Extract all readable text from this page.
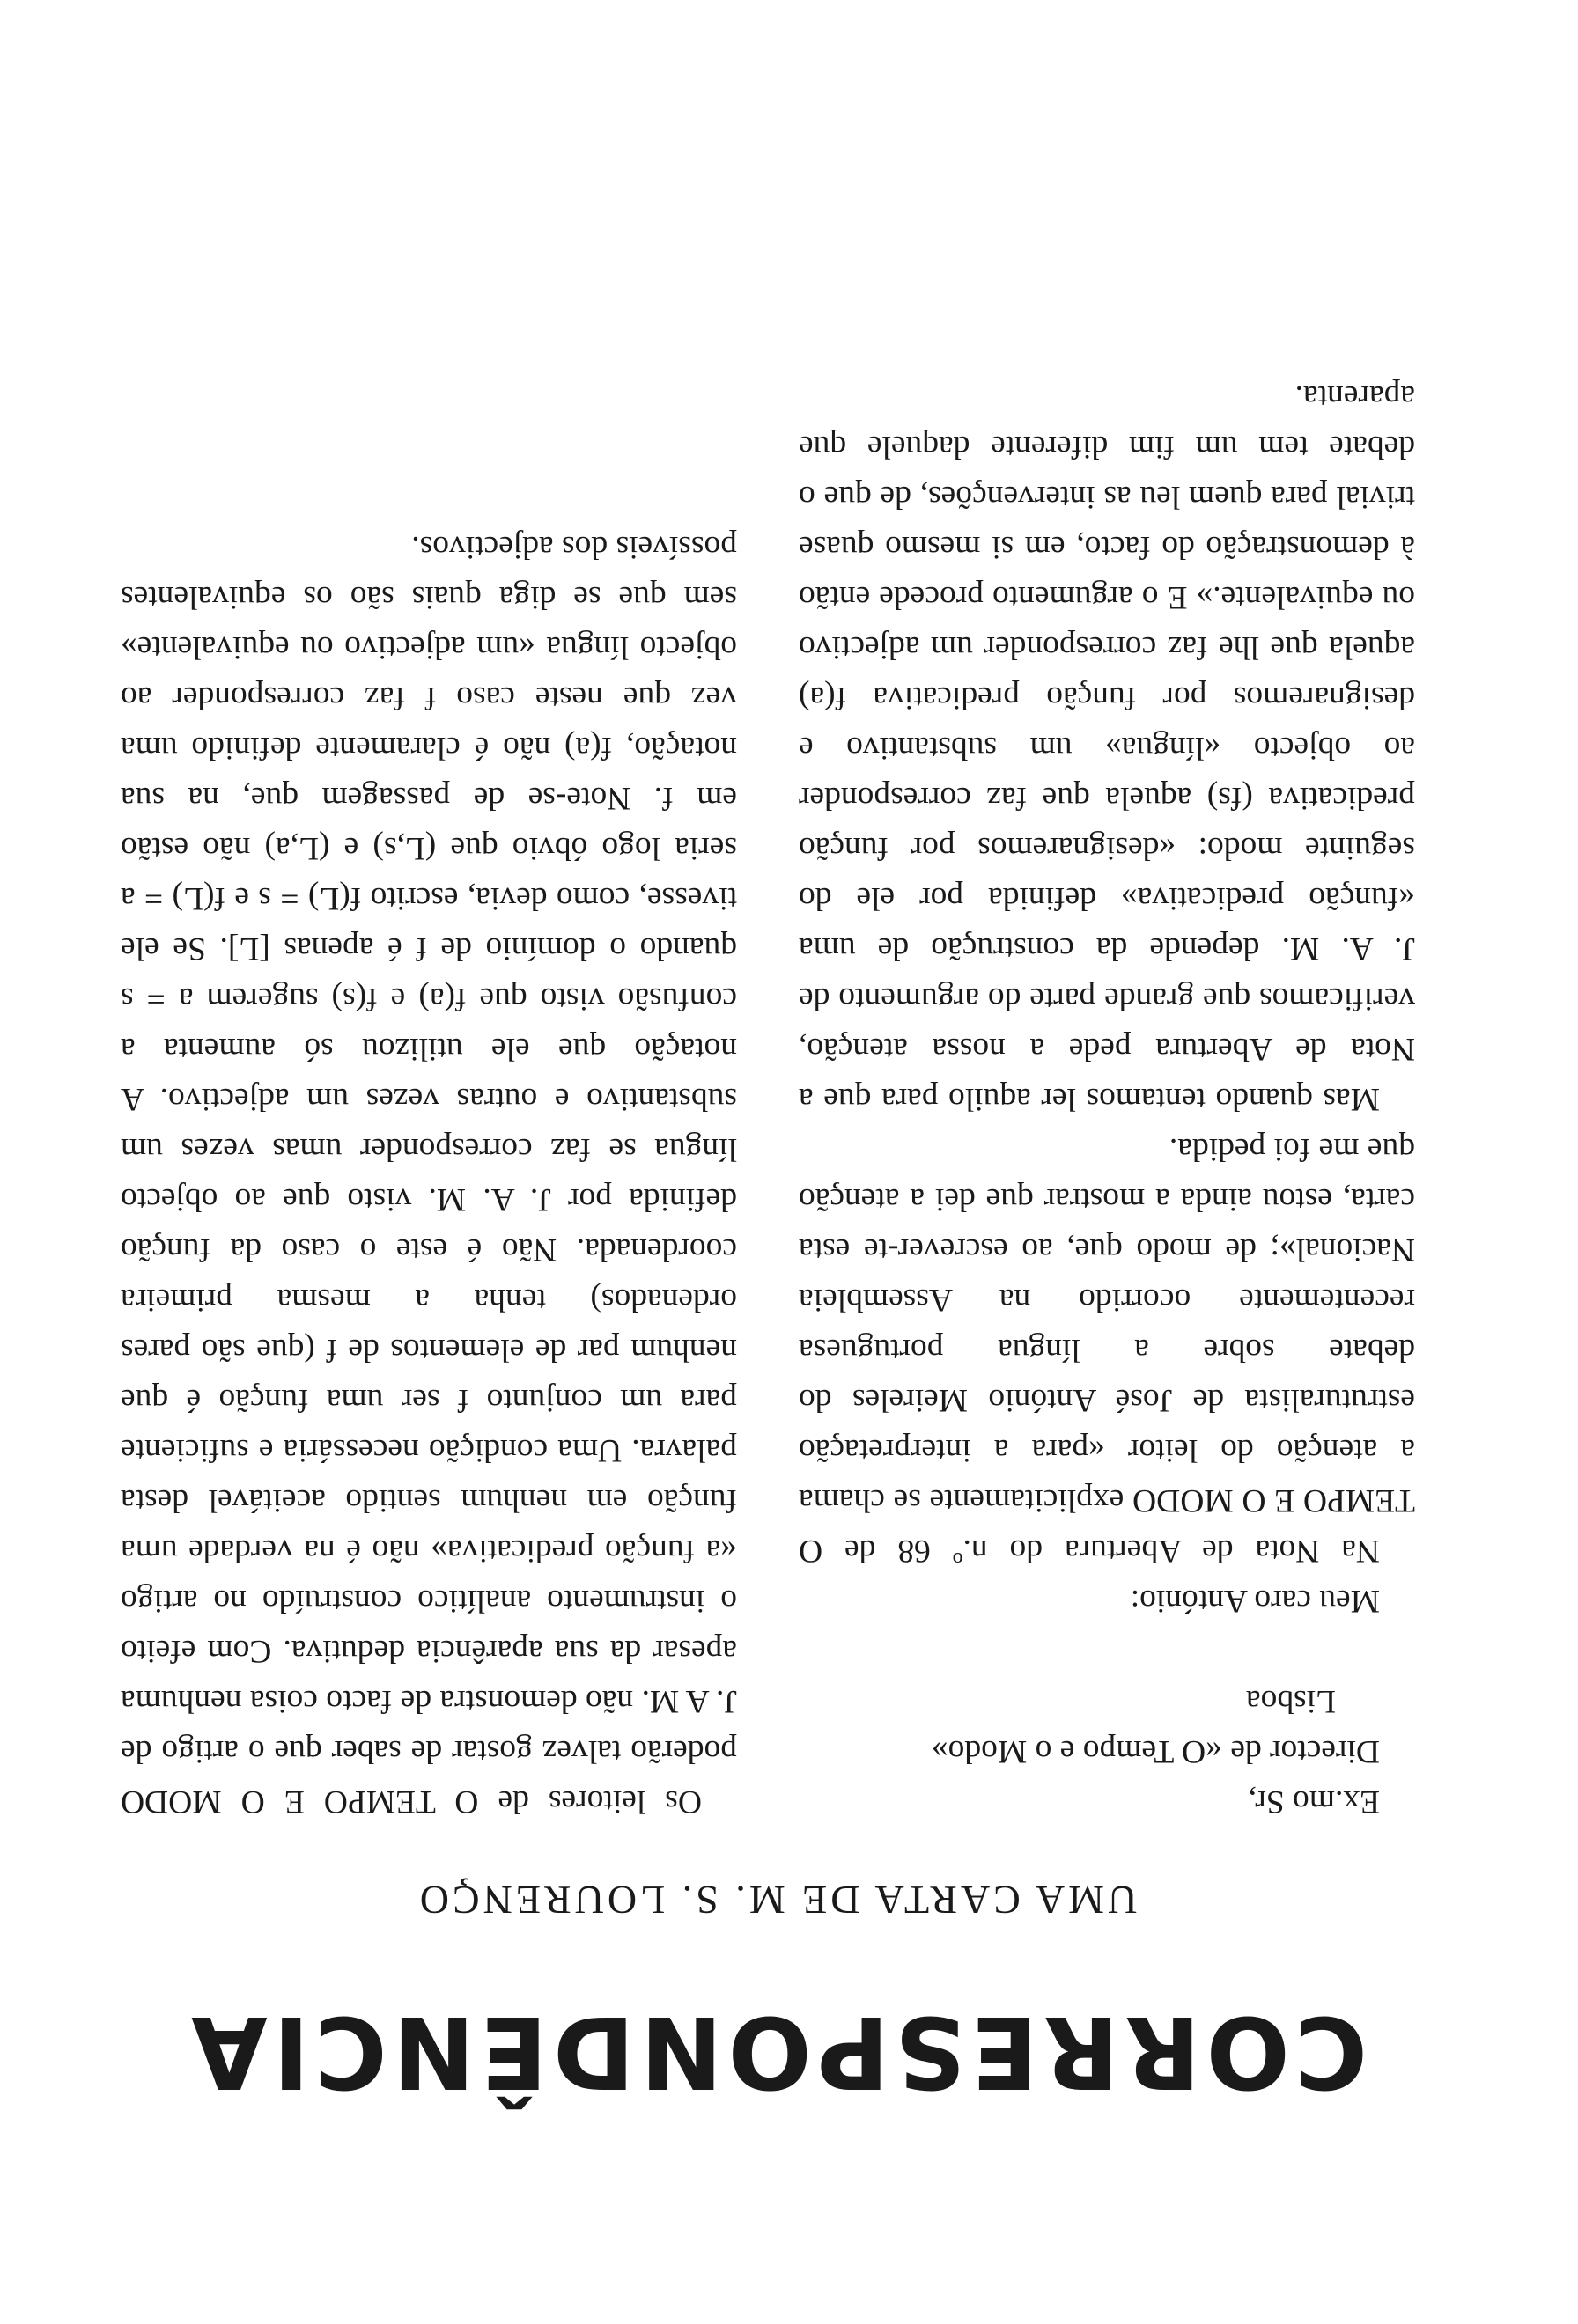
CORRESPONDÊNCIA
UMA CARTA DE M. S. LOURENÇO

Ex.mo Sr,

Director de «O Tempo e o Modo»

Lisboa

Meu caro António:

Na Nota de Abertura do n.º 68 de O TEMPO E O MODO explicitamente se chama a atenção do leitor «para a interpretação estruturalista de José António Meireles do debate sobre a língua portuguesa recentemente ocorrido na Assembleia Nacional»; de modo que, ao escrever-te esta carta, estou ainda a mostrar que dei a atenção que me foi pedida.

Mas quando tentamos ler aquilo para que a Nota de Abertura pede a nossa atenção, verificamos que grande parte do argumento de J. A. M. depende da construção de uma «função predicativa» definida por ele do seguinte modo: «designaremos por função predicativa (fs) aquela que faz corresponder ao objecto «língua» um substantivo e designaremos por função predicativa f(a) aquela que lhe faz corresponder um adjectivo ou equivalente.» E o argumento procede então à demonstração do facto, em si mesmo quase trivial para quem leu as intervenções, de que o debate tem um fim diferente daquele que aparenta.

Os leitores de O TEMPO E O MODO poderão talvez gostar de saber que o artigo de J. A M. não demonstra de facto coisa nenhuma apesar da sua aparência dedutiva. Com efeito o instrumento analítico construído no artigo «a função predicativa» não é na verdade uma função em nenhum sentido aceitável desta palavra. Uma condição necessária e suficiente para um conjunto f ser uma função é que nenhum par de elementos de f (que são pares ordenados) tenha a mesma primeira coordenada. Não é este o caso da função definida por J. A. M. visto que ao objecto língua se faz corresponder umas vezes um substantivo e outras vezes um adjectivo. A notação que ele utilizou só aumenta a confusão visto que f(a) e f(s) sugerem a = s quando o domínio de f é apenas [L]. Se ele tivesse, como devia, escrito f(L) = s e f(L) = a seria logo óbvio que (L,s) e (L,a) não estão em f. Note-se de passagem que, na sua notação, f(a) não é claramente definido uma vez que neste caso f faz corresponder ao objecto língua «um adjectivo ou equivalente» sem que se diga quais são os equivalentes possíveis dos adjectivos.
